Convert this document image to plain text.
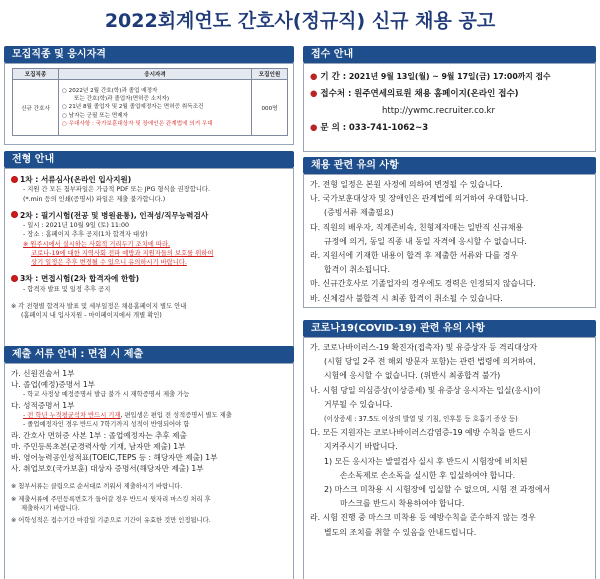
2022회계연도 간호사(정규직) 신규 채용 공고
모집직종 및 응시자격
모집직종	응시자격	모집인원
신규 간호사	○ 2022년 2월 간호(학)과 졸업 예정자
또는 간호(학)과 졸업자(면허증 소지자)
○ 21년 8월 졸업자 및 2월 졸업예정자는 면허증 취득조건
○ 남자는 군필 또는 면제자
○ 우대사항 : 국가보훈대상자 및 장애인은 관계법에 의거 우대	000명
전형 안내
1차 : 서류심사(온라인 입사지원)
- 지원 간 모든 첨부파일은 가급적 PDF 또는 JPG 형식을 권장합니다.
(*.min 등의 인쇄(증명서) 파일은 제출 불가합니다.)
2차 : 필기시험(전공 및 병원윤통), 인적성/직무능력검사
- 일시 : 2021년 10월 9일 (토) 11:00
- 장소 : 홈페이지 추후 공지(1차 합격자 대상)
※ 원주시에서 실시하는 사회적 거리두기 조치에 따라,
코로나-19에 대한 지역사회 전파 예방과 지원자들의 보호를 위하여
상기 일정은 추후 변경될 수 있으니 유의하시기 바랍니다.
3차 : 면접시험(2차 합격자에 한함)
- 합격자 발표 및 일정 추후 공지
※ 각 전형별 합격자 발표 및 세부일정은 채용홈페이지 별도 안내
(홈페이지 내 입사지원 - 마이페이지에서 개별 확인)
제출 서류 안내 : 면접 시 제출
가. 신원진술서 1부
나. 졸업(예정)증명서 1부
- 학교 사정상 예정증명서 발급 불가 시 재학증명서 제출 가능
다. 성적증명서 1부
- 전 학년 누적평균석차 반드시 기재, 편입생은 편입 전 성적증명서 별도 제출
- 졸업예정자인 경우 반드시 7학기까지 성적이 반영되어야 함
라. 간호사 면허증 사본 1부 : 졸업예정자는 추후 제출
마. 주민등록초본(군경력사항 기재, 남자만 제출) 1부
바. 영어능력공인성적표(TOEIC,TEPS 등 : 해당자만 제출) 1부
사. 취업보호(국가보훈) 대상자 증명서(해당자만 제출) 1부
※ 첨부서류는 클립으로 순서대로 끼워서 제출하시기 바랍니다.
※ 제출서류에 주민등록번호가 들어갈 경우 반드시 뒷자리 마스킹 처리 후
제출하시기 바랍니다.
※ 어학성적은 접수기간 마감일 기준으로 기간이 유효한 것만 인정됩니다.
접수 안내
● 기 간 : 2021년 9월 13일(월) ~ 9월 17일(금) 17:00까지 접수
● 접수처 : 원주연세의료원 채용 홈페이지(온라인 접수)
http://ywmc.recruiter.co.kr
● 문 의 : 033-741-1062~3
채용 관련 유의 사항
가. 전형 일정은 본원 사정에 의하여 변경될 수 있습니다.
나. 국가보훈대상자 및 장애인은 관계법에 의거하여 우대합니다.
(증빙서류 제출필요)
다. 직원의 배우자, 직계존비속, 친형제자매는 일반직 신규채용
규정에 의거, 동일 직종 내 동일 자격에 응시할 수 없습니다.
라. 지원서에 기재한 내용이 합격 후 제출한 서류와 다를 경우
합격이 취소됩니다.
마. 신규간호사로 기졸업자의 경우에도 경력은 인정되지 않습니다.
바. 신체검사 불합격 시 최종 합격이 취소될 수 있습니다.
코로나19(COVID-19) 관련 유의 사항
가. 코로나바이러스-19 확진자(접촉자) 및 유증상자 등 격리대상자
(시험 당일 2주 전 해외 방문자 포함)는 관련 법령에 의거하여,
시험에 응시할 수 없습니다. (위반시 최종합격 불가)
나. 시험 당일 의심증상(이상증세) 및 유증상 응시자는 입실(응시)이
거부될 수 있습니다.
(이상증세 : 37.5도 이상의 발열 및 기침, 인후통 등 호흡기 증상 등)
다. 모든 지원자는 코로나바이러스감염증-19 예방 수칙을 반드시
지켜주시기 바랍니다.
1) 모든 응시자는 발열검사 실시 후 반드시 시험장에 비치된
손소독제로 손소독을 실시한 후 입실하여야 합니다.
2) 마스크 미착용 시 시험장에 입실할 수 없으며, 시험 전 과정에서
마스크를 반드시 착용하여야 합니다.
라. 시험 진행 중 마스크 미착용 등 예방수칙을 준수하지 않는 경우
별도의 조치를 취할 수 있음을 안내드립니다.
